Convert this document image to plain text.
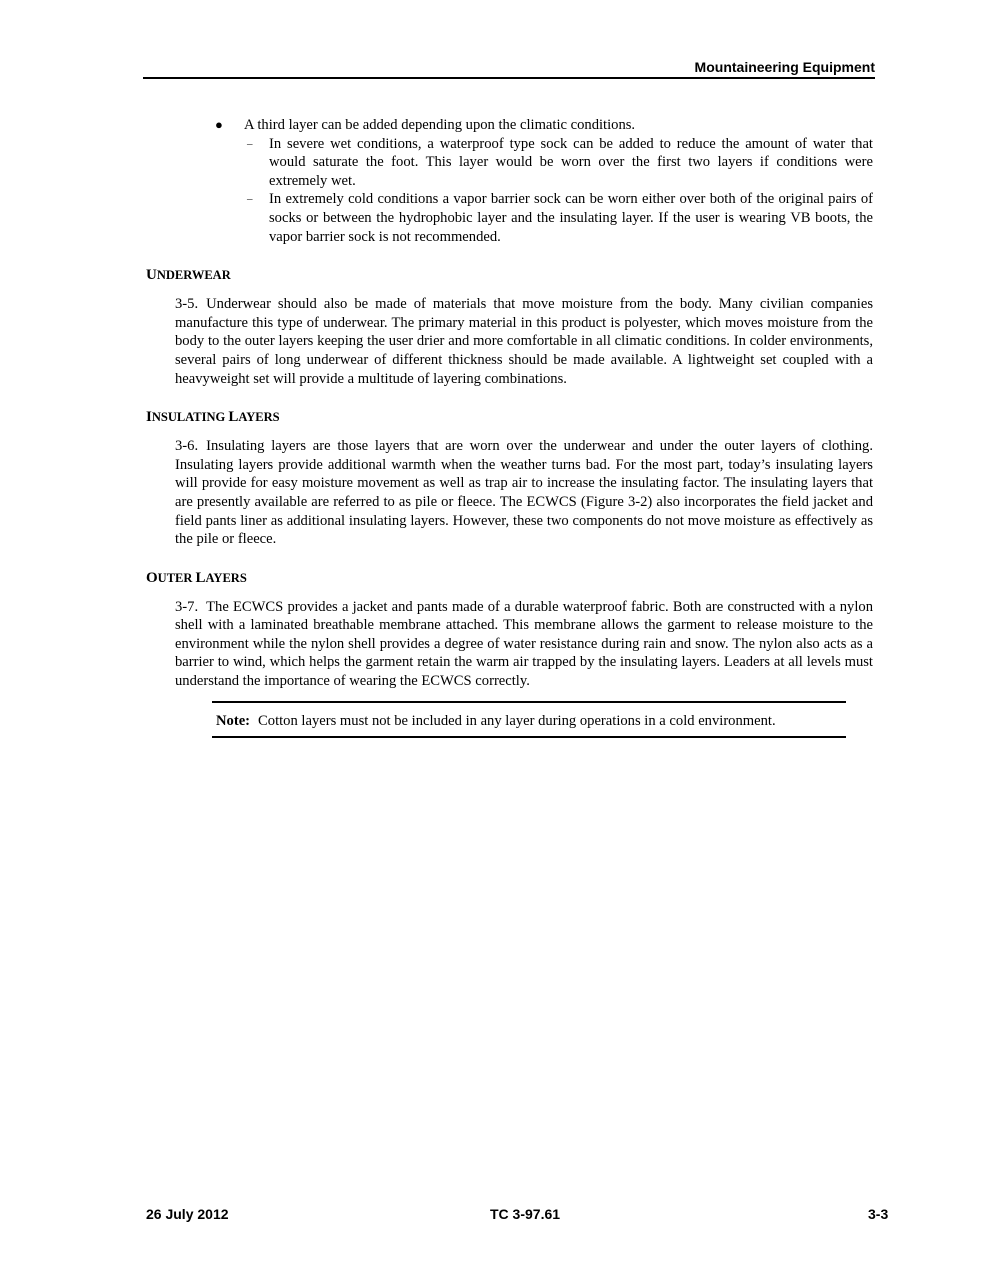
Mountaineering Equipment
● A third layer can be added depending upon the climatic conditions.
– In severe wet conditions, a waterproof type sock can be added to reduce the amount of water that would saturate the foot. This layer would be worn over the first two layers if conditions were extremely wet.
– In extremely cold conditions a vapor barrier sock can be worn either over both of the original pairs of socks or between the hydrophobic layer and the insulating layer. If the user is wearing VB boots, the vapor barrier sock is not recommended.
UNDERWEAR

3-5. Underwear should also be made of materials that move moisture from the body. Many civilian companies manufacture this type of underwear. The primary material in this product is polyester, which moves moisture from the body to the outer layers keeping the user drier and more comfortable in all climatic conditions. In colder environments, several pairs of long underwear of different thickness should be made available. A lightweight set coupled with a heavyweight set will provide a multitude of layering combinations.

INSULATING LAYERS

3-6. Insulating layers are those layers that are worn over the underwear and under the outer layers of clothing. Insulating layers provide additional warmth when the weather turns bad. For the most part, today’s insulating layers will provide for easy moisture movement as well as trap air to increase the insulating factor. The insulating layers that are presently available are referred to as pile or fleece. The ECWCS (Figure 3-2) also incorporates the field jacket and field pants liner as additional insulating layers. However, these two components do not move moisture as effectively as the pile or fleece.

OUTER LAYERS

3-7. The ECWCS provides a jacket and pants made of a durable waterproof fabric. Both are constructed with a nylon shell with a laminated breathable membrane attached. This membrane allows the garment to release moisture to the environment while the nylon shell provides a degree of water resistance during rain and snow. The nylon also acts as a barrier to wind, which helps the garment retain the warm air trapped by the insulating layers. Leaders at all levels must understand the importance of wearing the ECWCS correctly.

Note: Cotton layers must not be included in any layer during operations in a cold environment.
26 July 2012	TC 3-97.61	3-3
